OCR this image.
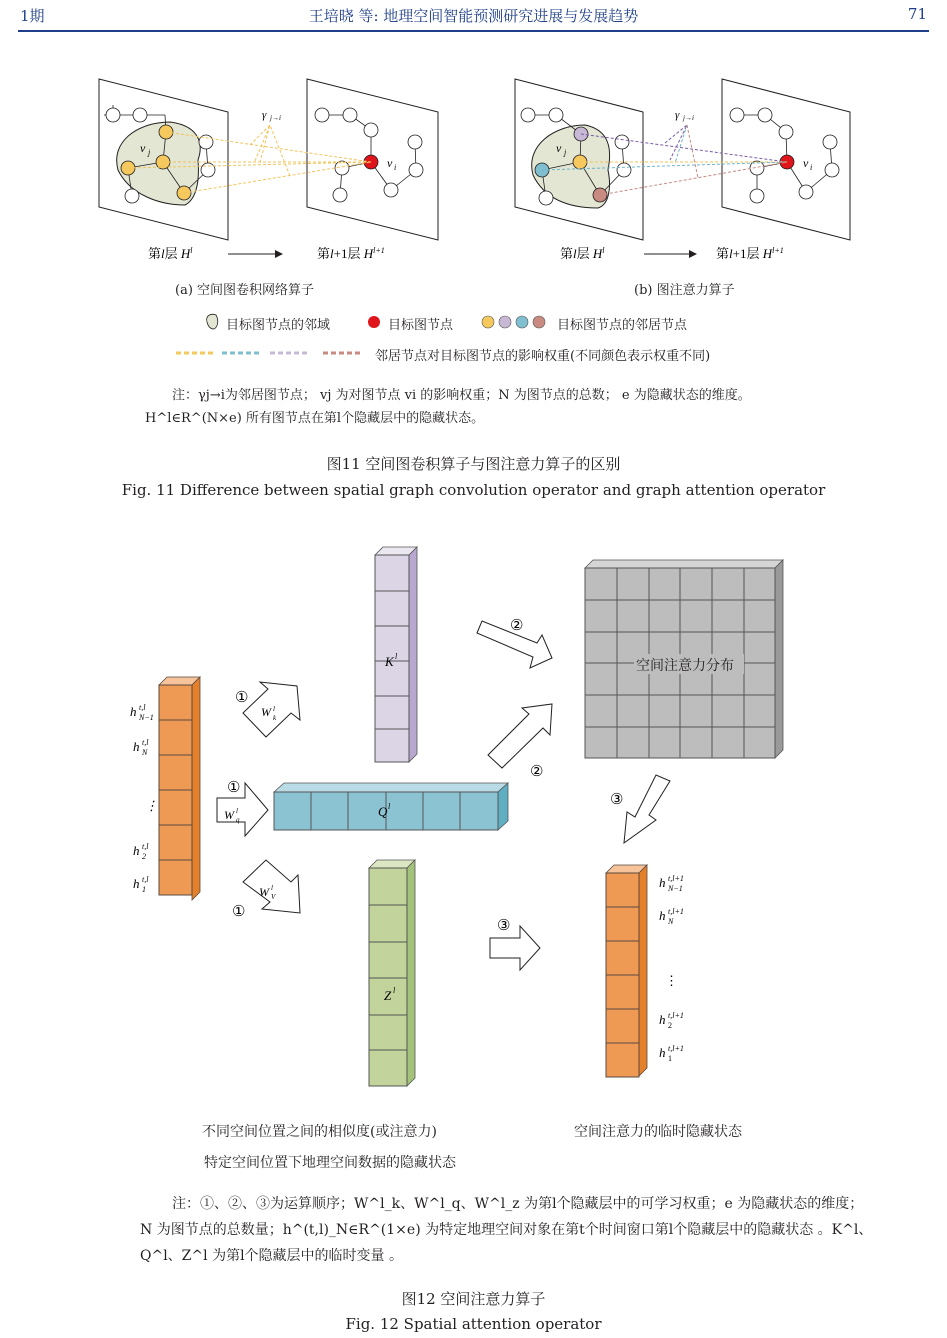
1期	王培晓 等: 地理空间智能预测研究进展与发展趋势	71
v j
v i
γ j→i
第l层 $H^l$	第l+1层 $H^{l+1}$
v j
v i
γ j→i
第l层 $H^l$	第l+1层 $H^{l+1}$
(a) 空间图卷积网络算子	(b) 图注意力算子
目标图节点的邻域	目标图节点	目标图节点的邻居节点
邻居节点对目标图节点的影响权重(不同颜色表示权重不同)
注：γj→i为邻居图节点； vj 为对图节点 vi 的影响权重；N 为图节点的总数； e 为隐藏状态的维度。
H^l∈R^(N×e) 所有图节点在第l个隐藏层中的隐藏状态。
图11 空间图卷积算子与图注意力算子的区别
Fig. 11 Difference between spatial graph convolution operator and graph attention operator
h t,l
N−1
h t,l
N
⋮
h t,l
2
h t,l
1
K l
Q l
Z l
h t,l+1
N−1
h t,l+1
N
⋮
h t,l+1
2
h t,l+1
1
①
①
①
②
②
③
③
W l
k
W l
q
W l
V
空间注意力分布
不同空间位置之间的相似度(或注意力)	空间注意力的临时隐藏状态
特定空间位置下地理空间数据的隐藏状态
注：①、②、③为运算顺序；W^l_k、W^l_q、W^l_z 为第l个隐藏层中的可学习权重；e 为隐藏状态的维度；
N 为图节点的总数量；h^(t,l)_N∈R^(1×e) 为特定地理空间对象在第t个时间窗口第l个隐藏层中的隐藏状态 。K^l、
Q^l、Z^l 为第l个隐藏层中的临时变量 。
图12 空间注意力算子
Fig. 12 Spatial attention operator
